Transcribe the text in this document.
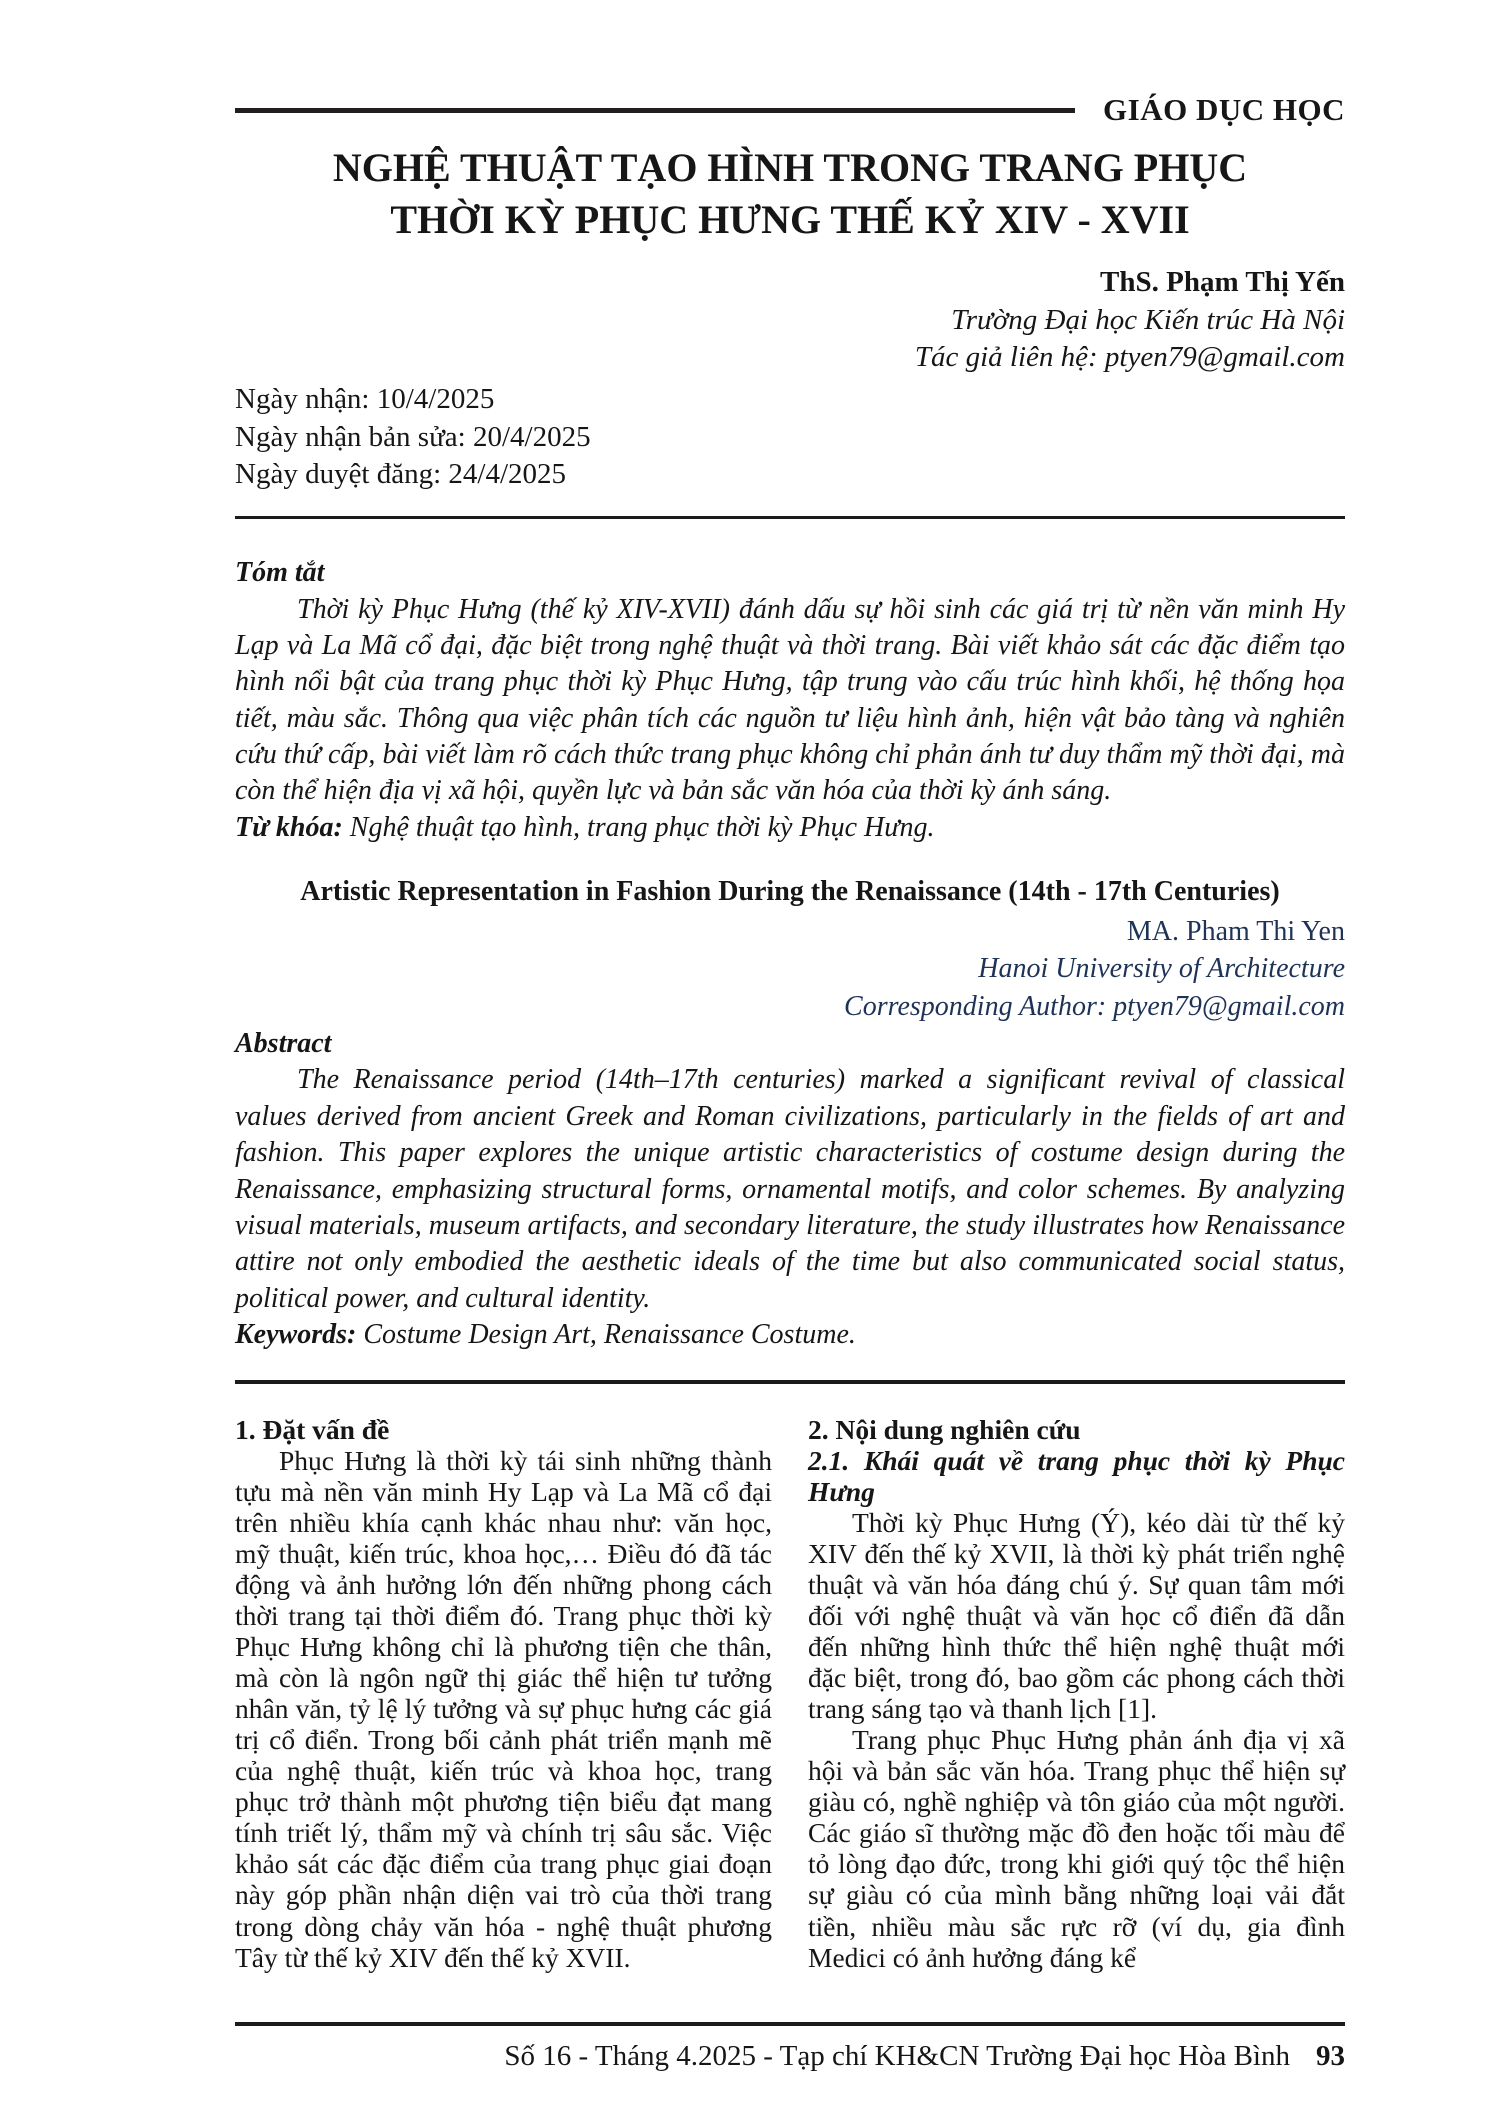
GIÁO DỤC HỌC
NGHỆ THUẬT TẠO HÌNH TRONG TRANG PHỤC
THỜI KỲ PHỤC HƯNG THẾ KỶ XIV - XVII
ThS. Phạm Thị Yến
Trường Đại học Kiến trúc Hà Nội
Tác giả liên hệ: ptyen79@gmail.com
Ngày nhận: 10/4/2025
Ngày nhận bản sửa: 20/4/2025
Ngày duyệt đăng: 24/4/2025
Tóm tắt
Thời kỳ Phục Hưng (thế kỷ XIV-XVII) đánh dấu sự hồi sinh các giá trị từ nền văn minh Hy Lạp và La Mã cổ đại, đặc biệt trong nghệ thuật và thời trang. Bài viết khảo sát các đặc điểm tạo hình nổi bật của trang phục thời kỳ Phục Hưng, tập trung vào cấu trúc hình khối, hệ thống họa tiết, màu sắc. Thông qua việc phân tích các nguồn tư liệu hình ảnh, hiện vật bảo tàng và nghiên cứu thứ cấp, bài viết làm rõ cách thức trang phục không chỉ phản ánh tư duy thẩm mỹ thời đại, mà còn thể hiện địa vị xã hội, quyền lực và bản sắc văn hóa của thời kỳ ánh sáng.
Từ khóa: Nghệ thuật tạo hình, trang phục thời kỳ Phục Hưng.
Artistic Representation in Fashion During the Renaissance (14th - 17th Centuries)
MA. Pham Thi Yen
Hanoi University of Architecture
Corresponding Author: ptyen79@gmail.com
Abstract
The Renaissance period (14th–17th centuries) marked a significant revival of classical values derived from ancient Greek and Roman civilizations, particularly in the fields of art and fashion. This paper explores the unique artistic characteristics of costume design during the Renaissance, emphasizing structural forms, ornamental motifs, and color schemes. By analyzing visual materials, museum artifacts, and secondary literature, the study illustrates how Renaissance attire not only embodied the aesthetic ideals of the time but also communicated social status, political power, and cultural identity.
Keywords: Costume Design Art, Renaissance Costume.
1. Đặt vấn đề

Phục Hưng là thời kỳ tái sinh những thành tựu mà nền văn minh Hy Lạp và La Mã cổ đại trên nhiều khía cạnh khác nhau như: văn học, mỹ thuật, kiến trúc, khoa học,… Điều đó đã tác động và ảnh hưởng lớn đến những phong cách thời trang tại thời điểm đó. Trang phục thời kỳ Phục Hưng không chỉ là phương tiện che thân, mà còn là ngôn ngữ thị giác thể hiện tư tưởng nhân văn, tỷ lệ lý tưởng và sự phục hưng các giá trị cổ điển. Trong bối cảnh phát triển mạnh mẽ của nghệ thuật, kiến trúc và khoa học, trang phục trở thành một phương tiện biểu đạt mang tính triết lý, thẩm mỹ và chính trị sâu sắc. Việc khảo sát các đặc điểm của trang phục giai đoạn này góp phần nhận diện vai trò của thời trang trong dòng chảy văn hóa - nghệ thuật phương Tây từ thế kỷ XIV đến thế kỷ XVII.

2. Nội dung nghiên cứu
2.1. Khái quát về trang phục thời kỳ Phục Hưng

Thời kỳ Phục Hưng (Ý), kéo dài từ thế kỷ XIV đến thế kỷ XVII, là thời kỳ phát triển nghệ thuật và văn hóa đáng chú ý. Sự quan tâm mới đối với nghệ thuật và văn học cổ điển đã dẫn đến những hình thức thể hiện nghệ thuật mới đặc biệt, trong đó, bao gồm các phong cách thời trang sáng tạo và thanh lịch [1].

Trang phục Phục Hưng phản ánh địa vị xã hội và bản sắc văn hóa. Trang phục thể hiện sự giàu có, nghề nghiệp và tôn giáo của một người. Các giáo sĩ thường mặc đồ đen hoặc tối màu để tỏ lòng đạo đức, trong khi giới quý tộc thể hiện sự giàu có của mình bằng những loại vải đắt tiền, nhiều màu sắc rực rỡ (ví dụ, gia đình Medici có ảnh hưởng đáng kể

Số 16 - Tháng 4.2025 - Tạp chí KH&CN Trường Đại học Hòa Bình 93
